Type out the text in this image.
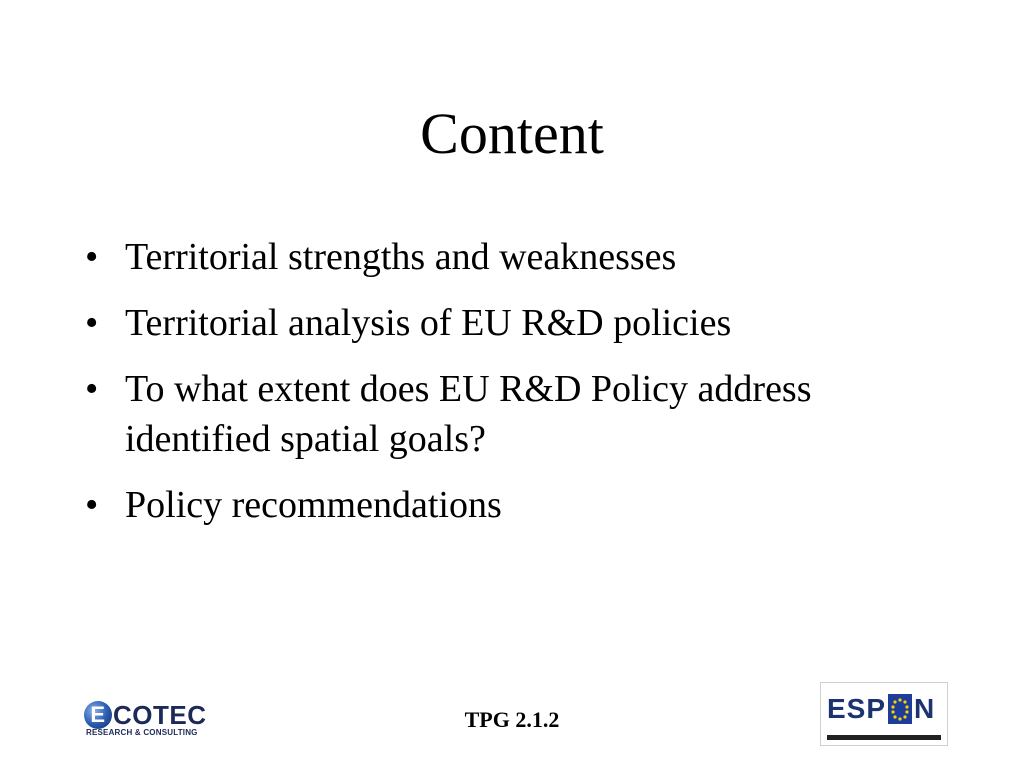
Content
• Territorial strengths and weaknesses
• Territorial analysis of EU R&D policies
• To what extent does EU R&D Policy address identified spatial goals?
• Policy recommendations
E COTEC
RESEARCH & CONSULTING
TPG 2.1.2	ESP N
